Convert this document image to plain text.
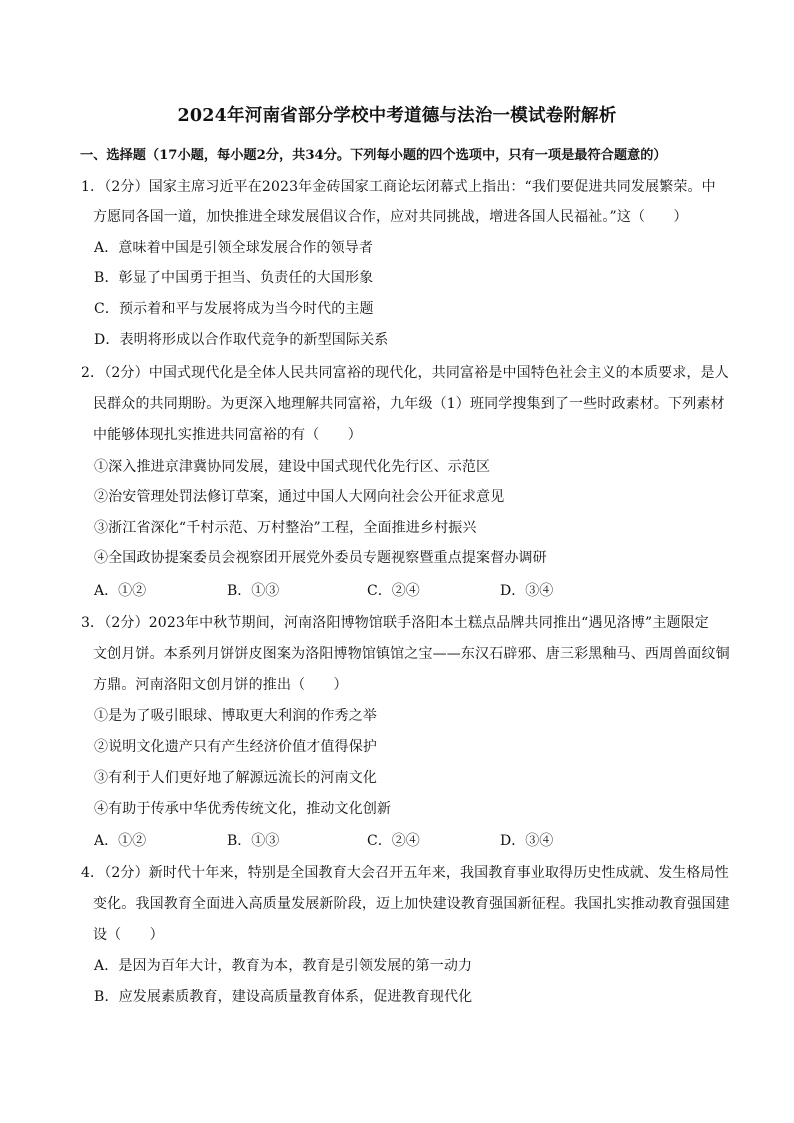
2024年河南省部分学校中考道德与法治一模试卷附解析
一、选择题（17小题，每小题2分，共34分。下列每小题的四个选项中，只有一项是最符合题意的）
1．（2分）国家主席习近平在2023年金砖国家工商论坛闭幕式上指出：“我们要促进共同发展繁荣。中
方愿同各国一道，加快推进全球发展倡议合作，应对共同挑战，增进各国人民福祉。”这（　　）
A．意味着中国是引领全球发展合作的领导者
B．彰显了中国勇于担当、负责任的大国形象
C．预示着和平与发展将成为当今时代的主题
D．表明将形成以合作取代竞争的新型国际关系
2．（2分）中国式现代化是全体人民共同富裕的现代化，共同富裕是中国特色社会主义的本质要求，是人
民群众的共同期盼。为更深入地理解共同富裕，九年级（1）班同学搜集到了一些时政素材。下列素材
中能够体现扎实推进共同富裕的有（　　）
①深入推进京津冀协同发展，建设中国式现代化先行区、示范区
②治安管理处罚法修订草案，通过中国人大网向社会公开征求意见
③浙江省深化“千村示范、万村整治”工程，全面推进乡村振兴
④全国政协提案委员会视察团开展党外委员专题视察暨重点提案督办调研
A．①②	B．①③	C．②④	D．③④
3．（2分）2023年中秋节期间，河南洛阳博物馆联手洛阳本土糕点品牌共同推出“遇见洛博”主题限定
文创月饼。本系列月饼饼皮图案为洛阳博物馆镇馆之宝——东汉石辟邪、唐三彩黑釉马、西周兽面纹铜
方鼎。河南洛阳文创月饼的推出（　　）
①是为了吸引眼球、博取更大利润的作秀之举
②说明文化遗产只有产生经济价值才值得保护
③有利于人们更好地了解源远流长的河南文化
④有助于传承中华优秀传统文化，推动文化创新
A．①②	B．①③	C．②④	D．③④
4．（2分）新时代十年来，特别是全国教育大会召开五年来，我国教育事业取得历史性成就、发生格局性
变化。我国教育全面进入高质量发展新阶段，迈上加快建设教育强国新征程。我国扎实推动教育强国建
设（　　）
A．是因为百年大计，教育为本，教育是引领发展的第一动力
B．应发展素质教育，建设高质量教育体系，促进教育现代化
